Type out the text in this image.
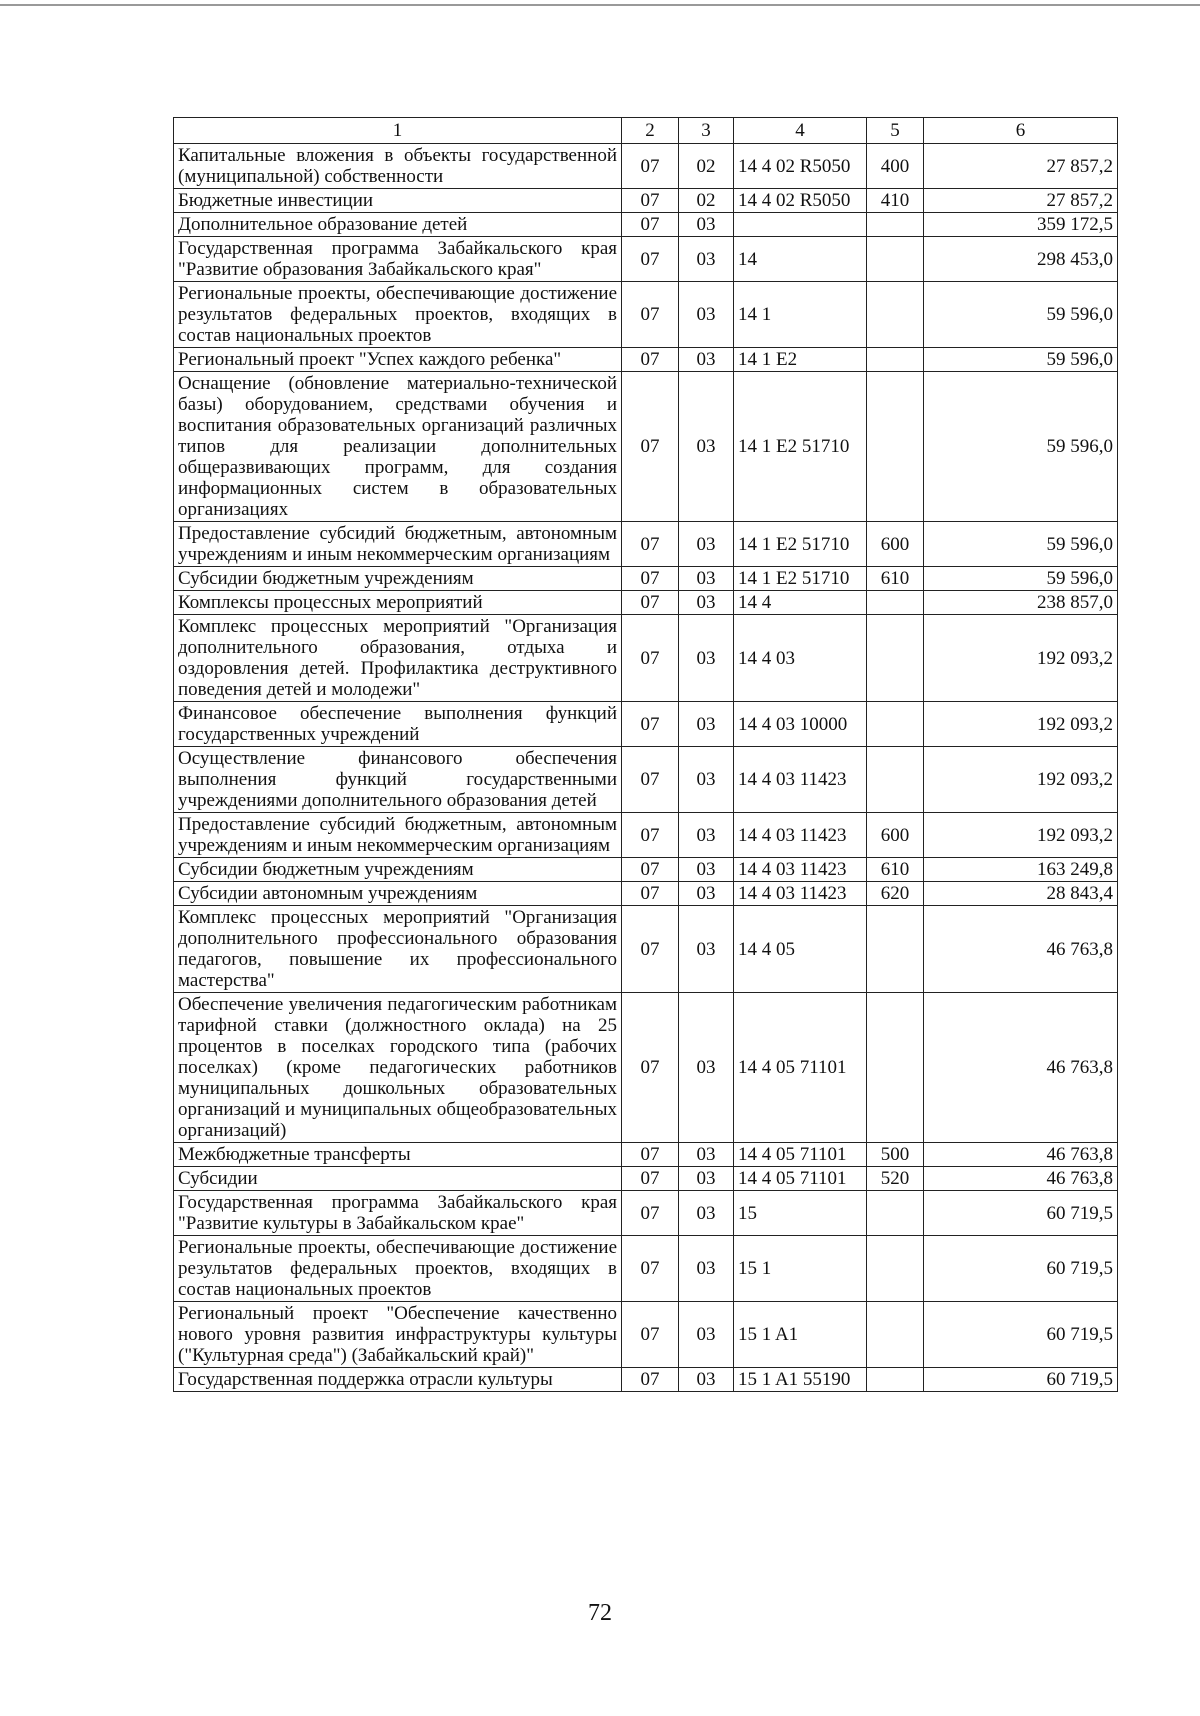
1	2	3	4	5	6
Капитальные вложения в объекты государственной (муниципальной) собственности	07	02	14 4 02 R5050	400	27 857,2
Бюджетные инвестиции	07	02	14 4 02 R5050	410	27 857,2
Дополнительное образование детей	07	03			359 172,5
Государственная программа Забайкальского края "Развитие образования Забайкальского края"	07	03	14		298 453,0
Региональные проекты, обеспечивающие достижение результатов федеральных проектов, входящих в состав национальных проектов	07	03	14 1		59 596,0
Региональный проект "Успех каждого ребенка"	07	03	14 1 E2		59 596,0
Оснащение (обновление материально-технической базы) оборудованием, средствами обучения и воспитания образовательных организаций различных типов для реализации дополнительных общеразвивающих программ, для создания информационных систем в образовательных организациях	07	03	14 1 E2 51710		59 596,0
Предоставление субсидий бюджетным, автономным учреждениям и иным некоммерческим организациям	07	03	14 1 E2 51710	600	59 596,0
Субсидии бюджетным учреждениям	07	03	14 1 E2 51710	610	59 596,0
Комплексы процессных мероприятий	07	03	14 4		238 857,0
Комплекс процессных мероприятий "Организация дополнительного образования, отдыха и оздоровления детей. Профилактика деструктивного поведения детей и молодежи"	07	03	14 4 03		192 093,2
Финансовое обеспечение выполнения функций государственных учреждений	07	03	14 4 03 10000		192 093,2
Осуществление финансового обеспечения выполнения функций государственными учреждениями дополнительного образования детей	07	03	14 4 03 11423		192 093,2
Предоставление субсидий бюджетным, автономным учреждениям и иным некоммерческим организациям	07	03	14 4 03 11423	600	192 093,2
Субсидии бюджетным учреждениям	07	03	14 4 03 11423	610	163 249,8
Субсидии автономным учреждениям	07	03	14 4 03 11423	620	28 843,4
Комплекс процессных мероприятий "Организация дополнительного профессионального образования педагогов, повышение их профессионального мастерства"	07	03	14 4 05		46 763,8
Обеспечение увеличения педагогическим работникам тарифной ставки (должностного оклада) на 25 процентов в поселках городского типа (рабочих поселках) (кроме педагогических работников муниципальных дошкольных образовательных организаций и муниципальных общеобразовательных организаций)	07	03	14 4 05 71101		46 763,8
Межбюджетные трансферты	07	03	14 4 05 71101	500	46 763,8
Субсидии	07	03	14 4 05 71101	520	46 763,8
Государственная программа Забайкальского края "Развитие культуры в Забайкальском крае"	07	03	15		60 719,5
Региональные проекты, обеспечивающие достижение результатов федеральных проектов, входящих в состав национальных проектов	07	03	15 1		60 719,5
Региональный проект "Обеспечение качественно нового уровня развития инфраструктуры культуры ("Культурная среда") (Забайкальский край)"	07	03	15 1 A1		60 719,5
Государственная поддержка отрасли культуры	07	03	15 1 A1 55190		60 719,5
72
